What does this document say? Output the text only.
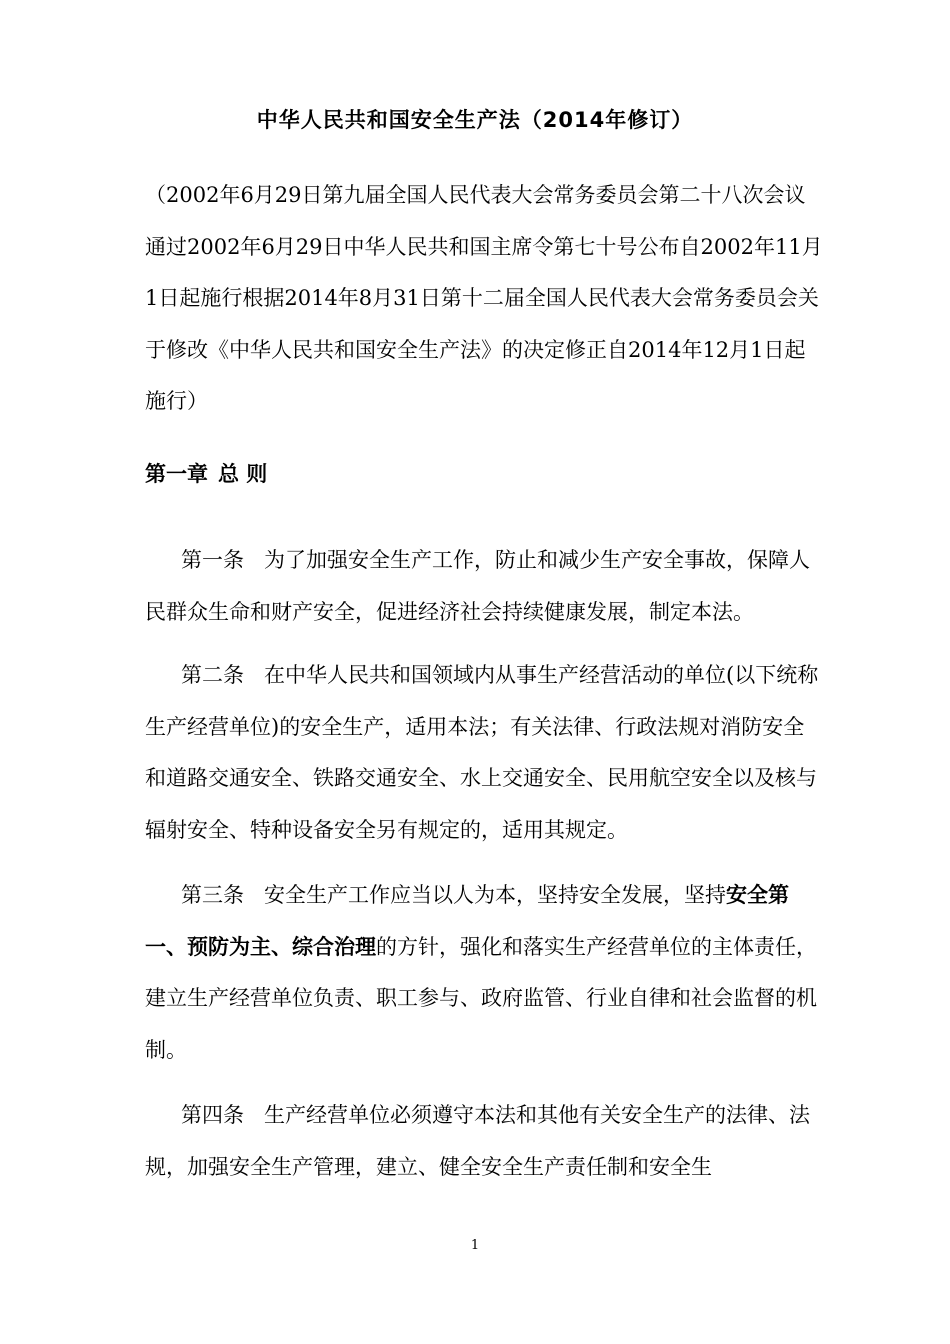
中华人民共和国安全生产法（2014年修订）

（2002年6月29日第九届全国人民代表大会常务委员会第二十八次会议通过2002年6月29日中华人民共和国主席令第七十号公布自2002年11月1日起施行根据2014年8月31日第十二届全国人民代表大会常务委员会关于修改《中华人民共和国安全生产法》的决定修正自2014年12月1日起施行）

第一章 总 则

第一条 为了加强安全生产工作，防止和减少生产安全事故，保障人民群众生命和财产安全，促进经济社会持续健康发展，制定本法。

第二条 在中华人民共和国领域内从事生产经营活动的单位(以下统称生产经营单位)的安全生产，适用本法；有关法律、行政法规对消防安全和道路交通安全、铁路交通安全、水上交通安全、民用航空安全以及核与辐射安全、特种设备安全另有规定的，适用其规定。

第三条 安全生产工作应当以人为本，坚持安全发展，坚持安全第一、预防为主、综合治理的方针，强化和落实生产经营单位的主体责任，建立生产经营单位负责、职工参与、政府监管、行业自律和社会监督的机制。

第四条 生产经营单位必须遵守本法和其他有关安全生产的法律、法规，加强安全生产管理，建立、健全安全生产责任制和安全生

1
